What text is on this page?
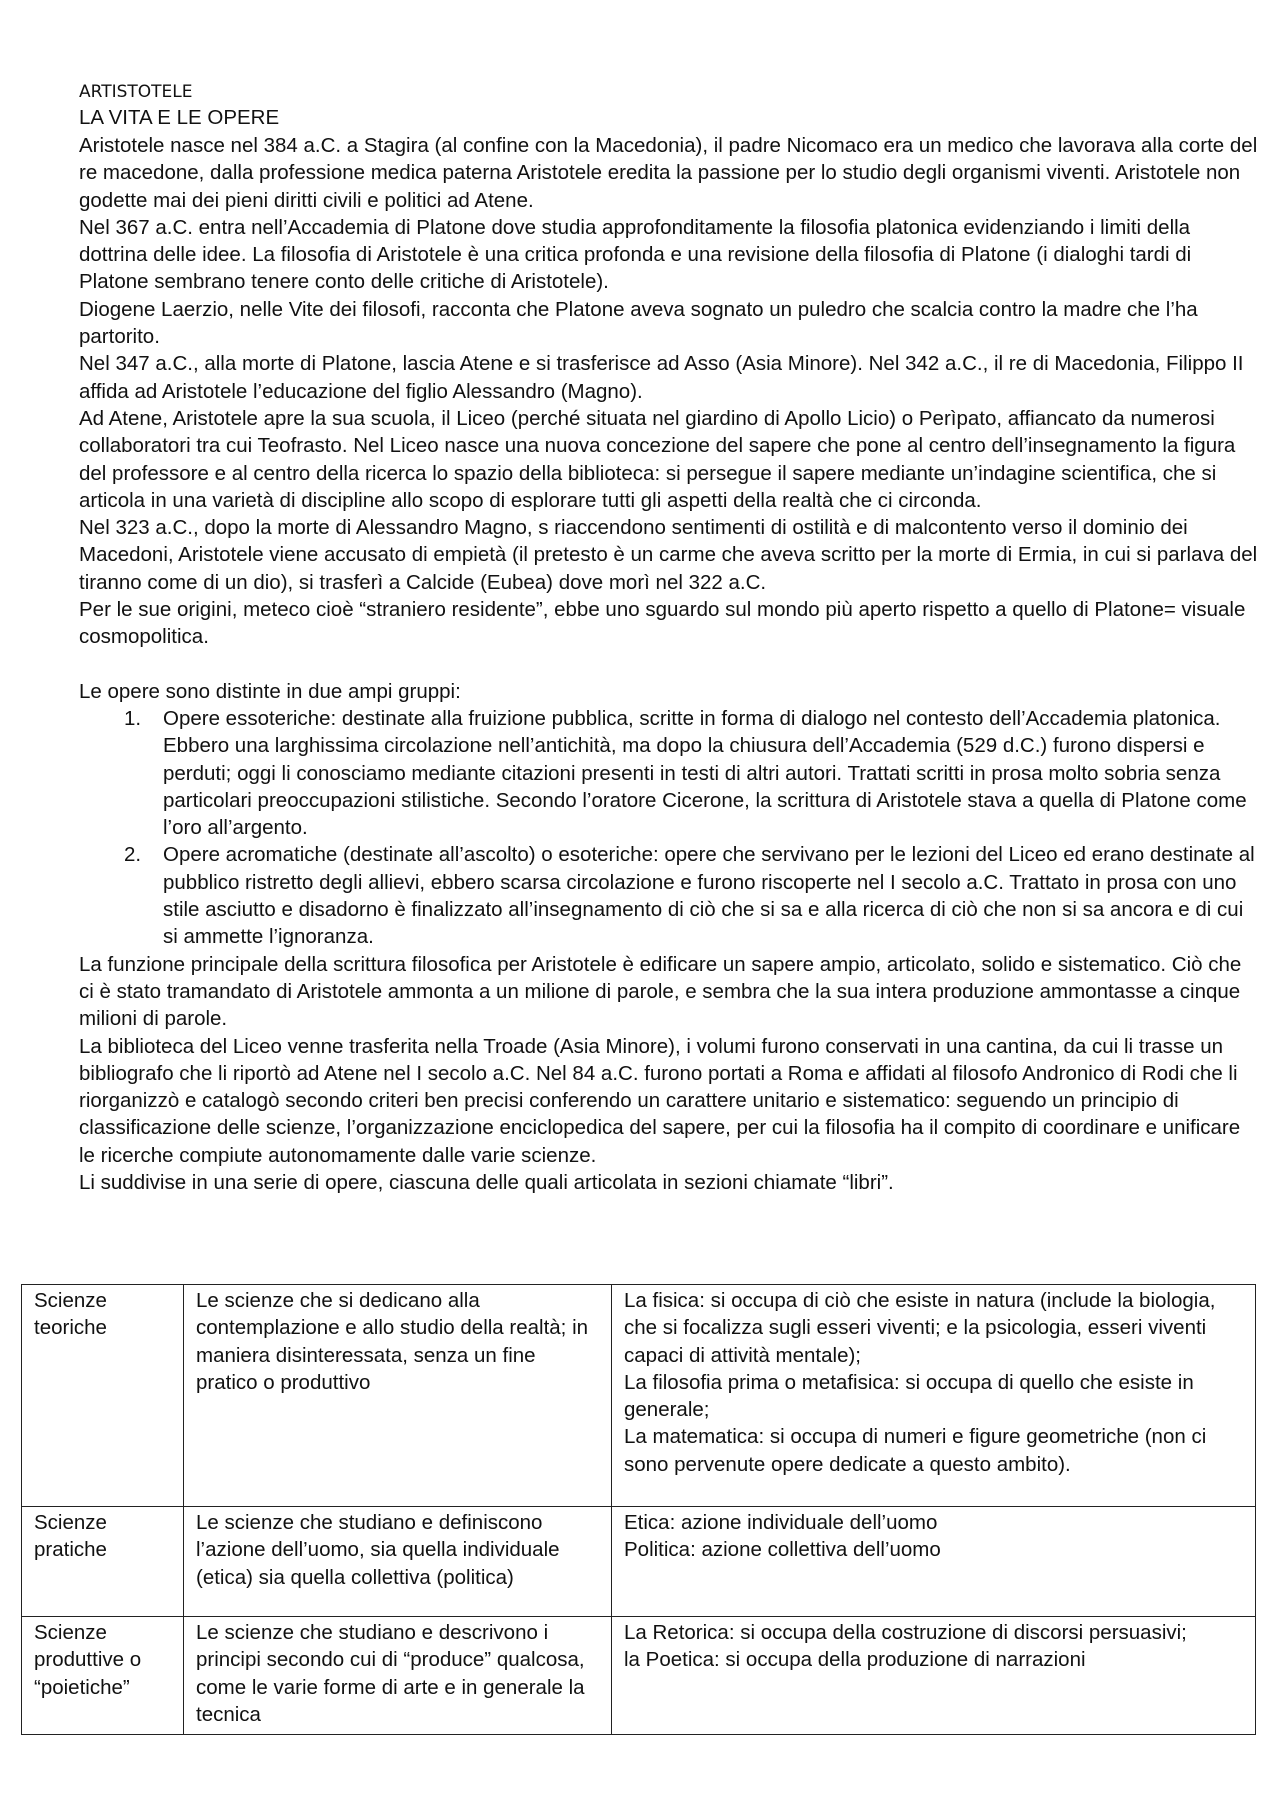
ARTISTOTELE
LA VITA E LE OPERE

Aristotele nasce nel 384 a.C. a Stagira (al confine con la Macedonia), il padre Nicomaco era un medico che lavorava alla corte del re macedone, dalla professione medica paterna Aristotele eredita la passione per lo studio degli organismi viventi. Aristotele non godette mai dei pieni diritti civili e politici ad Atene.

Nel 367 a.C. entra nell’Accademia di Platone dove studia approfonditamente la filosofia platonica evidenziando i limiti della dottrina delle idee. La filosofia di Aristotele è una critica profonda e una revisione della filosofia di Platone (i dialoghi tardi di Platone sembrano tenere conto delle critiche di Aristotele).

Diogene Laerzio, nelle Vite dei filosofi, racconta che Platone aveva sognato un puledro che scalcia contro la madre che l’ha partorito.

Nel 347 a.C., alla morte di Platone, lascia Atene e si trasferisce ad Asso (Asia Minore). Nel 342 a.C., il re di Macedonia, Filippo II affida ad Aristotele l’educazione del figlio Alessandro (Magno).

Ad Atene, Aristotele apre la sua scuola, il Liceo (perché situata nel giardino di Apollo Licio) o Perìpato, affiancato da numerosi collaboratori tra cui Teofrasto. Nel Liceo nasce una nuova concezione del sapere che pone al centro dell’insegnamento la figura del professore e al centro della ricerca lo spazio della biblioteca: si persegue il sapere mediante un’indagine scientifica, che si articola in una varietà di discipline allo scopo di esplorare tutti gli aspetti della realtà che ci circonda.

Nel 323 a.C., dopo la morte di Alessandro Magno, s riaccendono sentimenti di ostilità e di malcontento verso il dominio dei Macedoni, Aristotele viene accusato di empietà (il pretesto è un carme che aveva scritto per la morte di Ermia, in cui si parlava del tiranno come di un dio), si trasferì a Calcide (Eubea) dove morì nel 322 a.C.

Per le sue origini, meteco cioè “straniero residente”, ebbe uno sguardo sul mondo più aperto rispetto a quello di Platone= visuale cosmopolitica.

Le opere sono distinte in due ampi gruppi:

1. Opere essoteriche: destinate alla fruizione pubblica, scritte in forma di dialogo nel contesto dell’Accademia platonica. Ebbero una larghissima circolazione nell’antichità, ma dopo la chiusura dell’Accademia (529 d.C.) furono dispersi e perduti; oggi li conosciamo mediante citazioni presenti in testi di altri autori. Trattati scritti in prosa molto sobria senza particolari preoccupazioni stilistiche. Secondo l’oratore Cicerone, la scrittura di Aristotele stava a quella di Platone come l’oro all’argento.
2. Opere acromatiche (destinate all’ascolto) o esoteriche: opere che servivano per le lezioni del Liceo ed erano destinate al pubblico ristretto degli allievi, ebbero scarsa circolazione e furono riscoperte nel I secolo a.C. Trattato in prosa con uno stile asciutto e disadorno è finalizzato all’insegnamento di ciò che si sa e alla ricerca di ciò che non si sa ancora e di cui si ammette l’ignoranza.

La funzione principale della scrittura filosofica per Aristotele è edificare un sapere ampio, articolato, solido e sistematico. Ciò che ci è stato tramandato di Aristotele ammonta a un milione di parole, e sembra che la sua intera produzione ammontasse a cinque milioni di parole.

La biblioteca del Liceo venne trasferita nella Troade (Asia Minore), i volumi furono conservati in una cantina, da cui li trasse un bibliografo che li riportò ad Atene nel I secolo a.C. Nel 84 a.C. furono portati a Roma e affidati al filosofo Andronico di Rodi che li riorganizzò e catalogò secondo criteri ben precisi conferendo un carattere unitario e sistematico: seguendo un principio di classificazione delle scienze, l’organizzazione enciclopedica del sapere, per cui la filosofia ha il compito di coordinare e unificare le ricerche compiute autonomamente dalle varie scienze.

Li suddivise in una serie di opere, ciascuna delle quali articolata in sezioni chiamate “libri”.

Scienze teoriche	Le scienze che si dedicano alla contemplazione e allo studio della realtà; in maniera disinteressata, senza un fine pratico o produttivo	La fisica: si occupa di ciò che esiste in natura (include la biologia, che si focalizza sugli esseri viventi; e la psicologia, esseri viventi capaci di attività mentale);
La filosofia prima o metafisica: si occupa di quello che esiste in generale;
La matematica: si occupa di numeri e figure geometriche (non ci sono pervenute opere dedicate a questo ambito).

Scienze pratiche	Le scienze che studiano e definiscono l’azione dell’uomo, sia quella individuale (etica) sia quella collettiva (politica)	Etica: azione individuale dell’uomo
Politica: azione collettiva dell’uomo

Scienze produttive o “poietiche”	Le scienze che studiano e descrivono i principi secondo cui di “produce” qualcosa, come le varie forme di arte e in generale la tecnica	La Retorica: si occupa della costruzione di discorsi persuasivi;
la Poetica: si occupa della produzione di narrazioni
